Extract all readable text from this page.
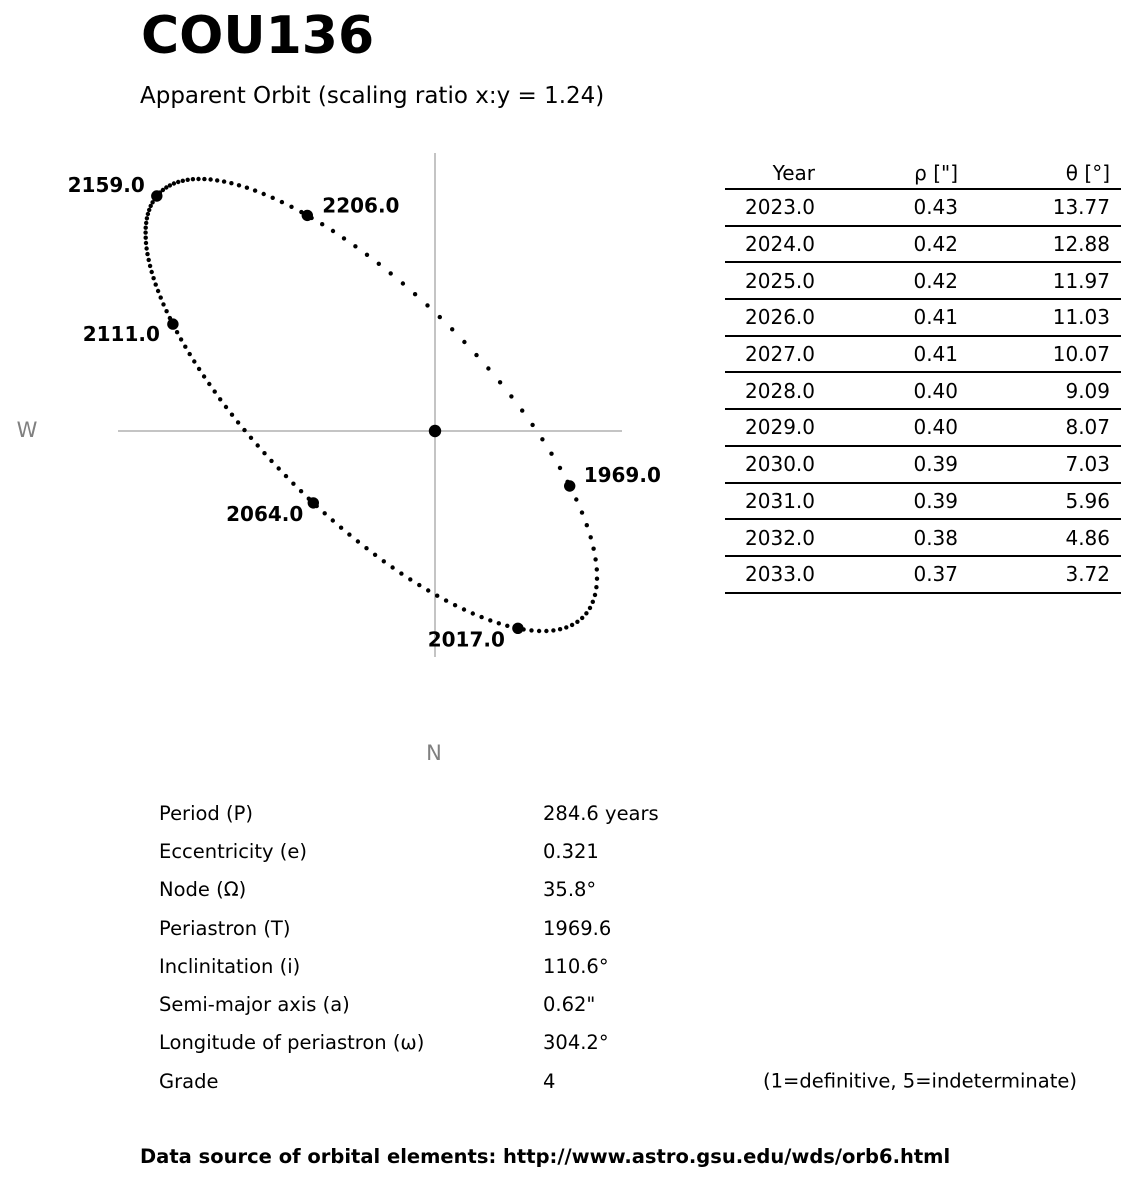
COU136
Apparent Orbit (scaling ratio x:y = 1.24)
W
N
1969.0
2017.0
2064.0
2111.0
2159.0
2206.0
Year	ρ ["]	θ [°]
2023.0	0.43	13.77
2024.0	0.42	12.88
2025.0	0.42	11.97
2026.0	0.41	11.03
2027.0	0.41	10.07
2028.0	0.40	9.09
2029.0	0.40	8.07
2030.0	0.39	7.03
2031.0	0.39	5.96
2032.0	0.38	4.86
2033.0	0.37	3.72
Period (P)	284.6 years
Eccentricity (e)	0.321
Node (Ω)	35.8°
Periastron (T)	1969.6
Inclinitation (i)	110.6°
Semi-major axis (a)	0.62"
Longitude of periastron (ω)	304.2°
Grade	4	(1=definitive, 5=indeterminate)
Data source of orbital elements: http://www.astro.gsu.edu/wds/orb6.html
